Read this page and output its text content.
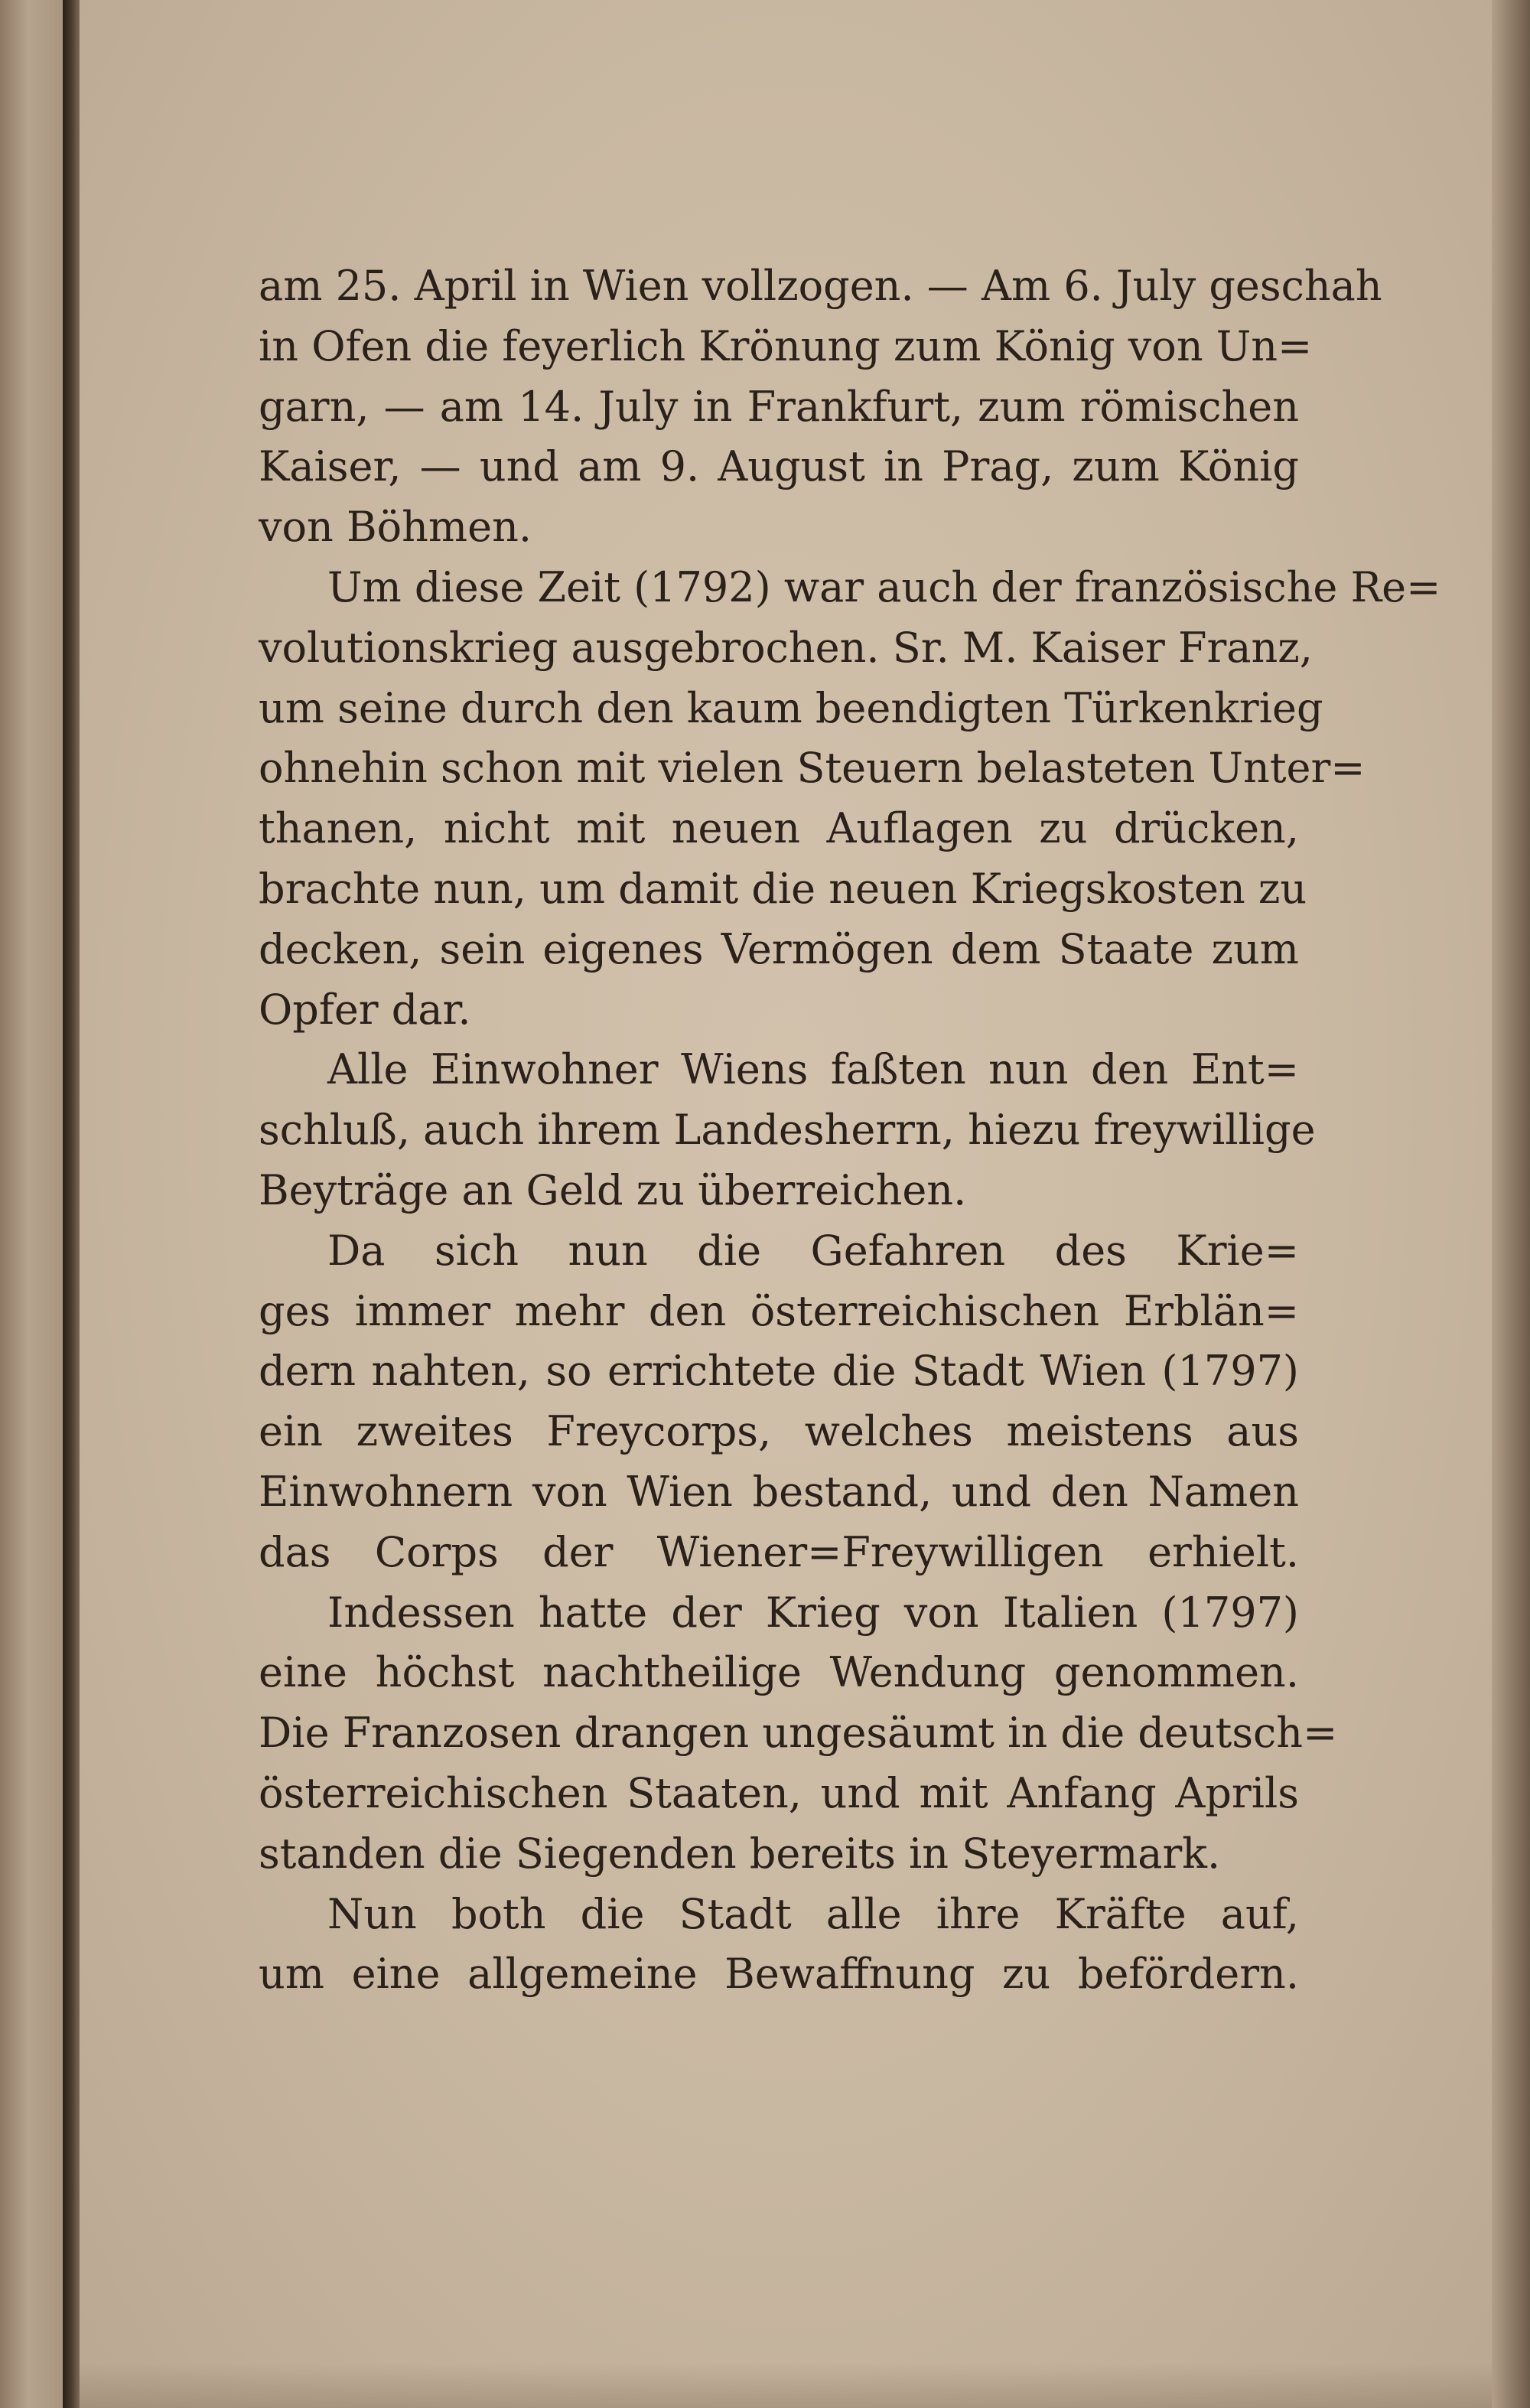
am 25. April in Wien vollzogen. — Am 6. July geschah
in Ofen die feyerlich Krönung zum König von Un=
garn, — am 14. July in Frankfurt, zum römischen
Kaiser, — und am 9. August in Prag, zum König
von Böhmen.
Um diese Zeit (1792) war auch der französische Re=
volutionskrieg ausgebrochen. Sr. M. Kaiser Franz,
um seine durch den kaum beendigten Türkenkrieg
ohnehin schon mit vielen Steuern belasteten Unter=
thanen, nicht mit neuen Auflagen zu drücken,
brachte nun, um damit die neuen Kriegskosten zu
decken, sein eigenes Vermögen dem Staate zum
Opfer dar.
Alle Einwohner Wiens faßten nun den Ent=
schluß, auch ihrem Landesherrn, hiezu freywillige
Beyträge an Geld zu überreichen.
Da sich nun die Gefahren des Krie=
ges immer mehr den österreichischen Erblän=
dern nahten, so errichtete die Stadt Wien (1797)
ein zweites Freycorps, welches meistens aus
Einwohnern von Wien bestand, und den Namen
das Corps der Wiener=Freywilligen erhielt.
Indessen hatte der Krieg von Italien (1797)
eine höchst nachtheilige Wendung genommen.
Die Franzosen drangen ungesäumt in die deutsch=
österreichischen Staaten, und mit Anfang Aprils
standen die Siegenden bereits in Steyermark.
Nun both die Stadt alle ihre Kräfte auf,
um eine allgemeine Bewaffnung zu befördern.
